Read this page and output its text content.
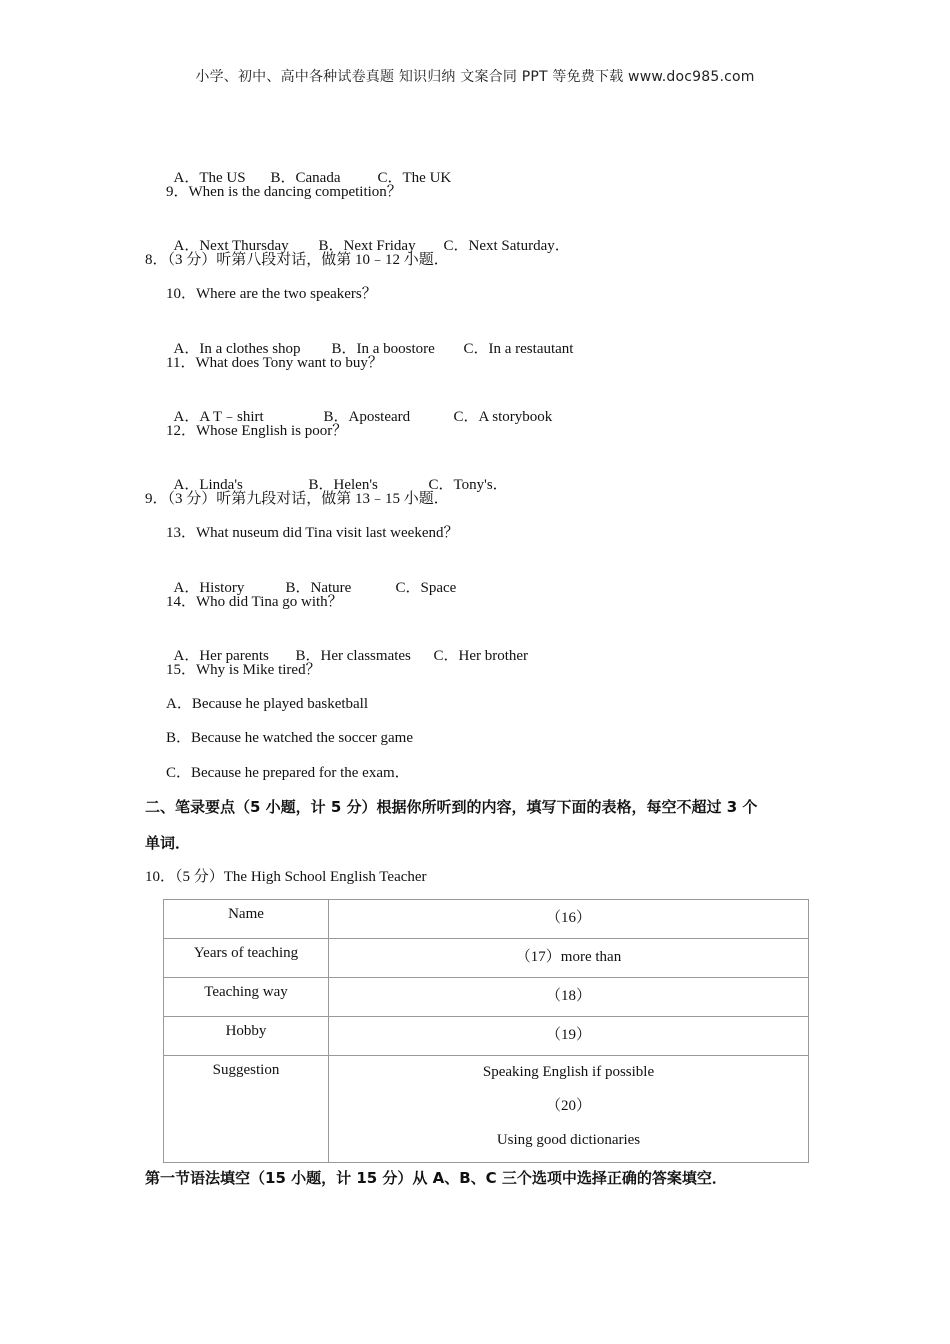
小学、初中、高中各种试卷真题 知识归纳 文案合同 PPT 等免费下载 www.doc985.com

A．The US B．Canada C．The UK

9．When is the dancing competition？

A．Next Thursday B．Next Friday C．Next Saturday．

8．（3 分）听第八段对话，做第 10﹣12 小题．
10．Where are the two speakers？

A．In a clothes shop B．In a boostore C．In a restautant

11．What does Tony want to buy？

A．A T﹣shirt	B．Aposteard	C．A storybook

12．Whose English is poor？

A．Linda's	B．Helen's	C．Tony's．

9．（3 分）听第九段对话，做第 13﹣15 小题．
13．What nuseum did Tina visit last weekend？

A．History	B．Nature	C．Space

14．Who did Tina go with？

A．Her parents B．Her classmates C．Her brother

15．Why is Mike tired？
A．Because he played basketball
B．Because he watched the soccer game
C．Because he prepared for the exam．
二、笔录要点（5 小题，计 5 分）根据你所听到的内容，填写下面的表格，每空不超过 3 个
单词．
10．（5 分）The High School English Teacher
Name	（16）
Years of teaching	（17）more than
Teaching way	（18）
Hobby	（19）
Suggestion	Speaking English if possible
（20）
Using good dictionaries
第一节语法填空（15 小题，计 15 分）从 A、B、C 三个选项中选择正确的答案填空．
